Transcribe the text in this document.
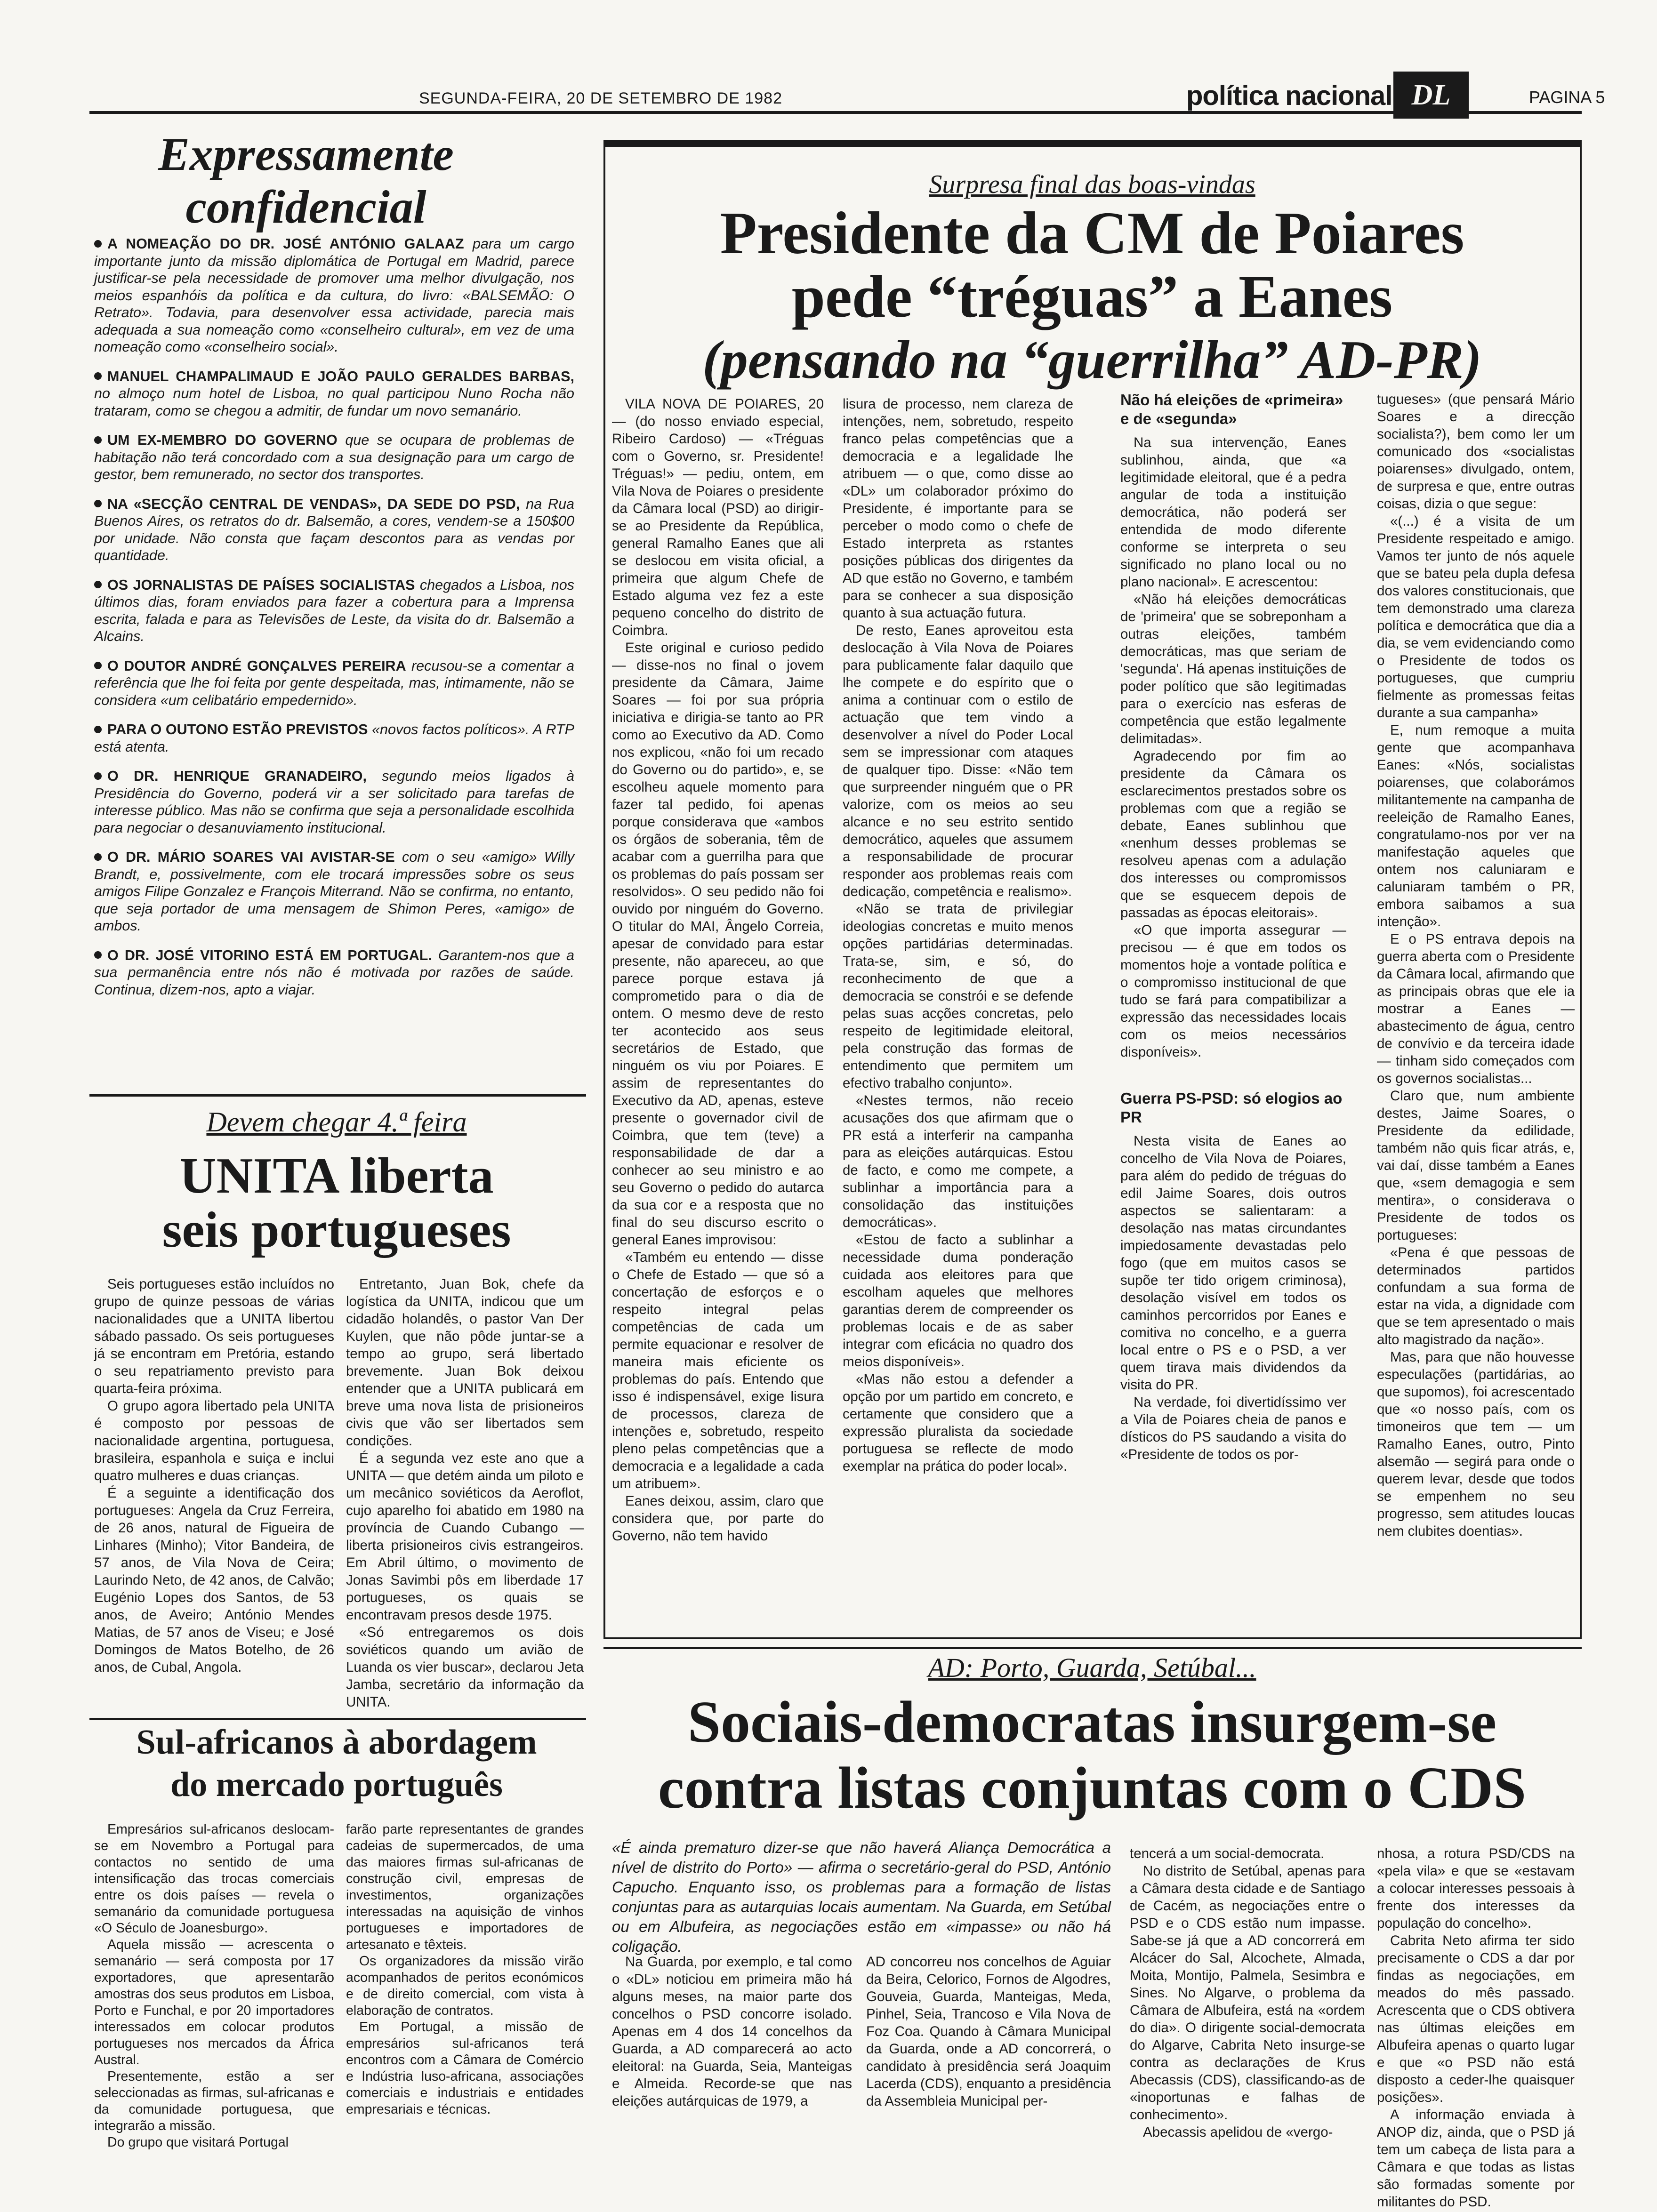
SEGUNDA-FEIRA, 20 DE SETEMBRO DE 1982	política nacional DL	PAGINA 5
Expressamente confidencial

A NOMEAÇÃO DO DR. JOSÉ ANTÓNIO GALAAZ para um cargo importante junto da missão diplomática de Portugal em Madrid, parece justificar-se pela necessidade de promover uma melhor divulgação, nos meios espanhóis da política e da cultura, do livro: «BALSEMÃO: O Retrato». Todavia, para desenvolver essa actividade, parecia mais adequada a sua nomeação como «conselheiro cultural», em vez de uma nomeação como «conselheiro social».

MANUEL CHAMPALIMAUD E JOÃO PAULO GERALDES BARBAS, no almoço num hotel de Lisboa, no qual participou Nuno Rocha não trataram, como se chegou a admitir, de fundar um novo semanário.

UM EX-MEMBRO DO GOVERNO que se ocupara de problemas de habitação não terá concordado com a sua designação para um cargo de gestor, bem remunerado, no sector dos transportes.

NA «SECÇÃO CENTRAL DE VENDAS», DA SEDE DO PSD, na Rua Buenos Aires, os retratos do dr. Balsemão, a cores, vendem-se a 150$00 por unidade. Não consta que façam descontos para as vendas por quantidade.

OS JORNALISTAS DE PAÍSES SOCIALISTAS chegados a Lisboa, nos últimos dias, foram enviados para fazer a cobertura para a Imprensa escrita, falada e para as Televisões de Leste, da visita do dr. Balsemão a Alcains.

O DOUTOR ANDRÉ GONÇALVES PEREIRA recusou-se a comentar a referência que lhe foi feita por gente despeitada, mas, intimamente, não se considera «um celibatário empedernido».

PARA O OUTONO ESTÃO PREVISTOS «novos factos políticos». A RTP está atenta.

O DR. HENRIQUE GRANADEIRO, segundo meios ligados à Presidência do Governo, poderá vir a ser solicitado para tarefas de interesse público. Mas não se confirma que seja a personalidade escolhida para negociar o desanuviamento institucional.

O DR. MÁRIO SOARES VAI AVISTAR-SE com o seu «amigo» Willy Brandt, e, possivelmente, com ele trocará impressões sobre os seus amigos Filipe Gonzalez e François Miterrand. Não se confirma, no entanto, que seja portador de uma mensagem de Shimon Peres, «amigo» de ambos.

O DR. JOSÉ VITORINO ESTÁ EM PORTUGAL. Garantem-nos que a sua permanência entre nós não é motivada por razões de saúde. Continua, dizem-nos, apto a viajar.

Devem chegar 4.ª feira
UNITA liberta
seis portugueses

Seis portugueses estão incluídos no grupo de quinze pessoas de várias nacionalidades que a UNITA libertou sábado passado. Os seis portugueses já se encontram em Pretória, estando o seu repatriamento previsto para quarta-feira próxima.

O grupo agora libertado pela UNITA é composto por pessoas de nacionalidade argentina, portuguesa, brasileira, espanhola e suiça e inclui quatro mulheres e duas crianças.

É a seguinte a identificação dos portugueses: Angela da Cruz Ferreira, de 26 anos, natural de Figueira de Linhares (Minho); Vitor Bandeira, de 57 anos, de Vila Nova de Ceira; Laurindo Neto, de 42 anos, de Calvão; Eugénio Lopes dos Santos, de 53 anos, de Aveiro; António Mendes Matias, de 57 anos de Viseu; e José Domingos de Matos Botelho, de 26 anos, de Cubal, Angola.

Entretanto, Juan Bok, chefe da logística da UNITA, indicou que um cidadão holandês, o pastor Van Der Kuylen, que não pôde juntar-se a tempo ao grupo, será libertado brevemente. Juan Bok deixou entender que a UNITA publicará em breve uma nova lista de prisioneiros civis que vão ser libertados sem condições.

É a segunda vez este ano que a UNITA — que detém ainda um piloto e um mecânico soviéticos da Aeroflot, cujo aparelho foi abatido em 1980 na província de Cuando Cubango — liberta prisioneiros civis estrangeiros. Em Abril último, o movimento de Jonas Savimbi pôs em liberdade 17 portugueses, os quais se encontravam presos desde 1975.

«Só entregaremos os dois soviéticos quando um avião de Luanda os vier buscar», declarou Jeta Jamba, secretário da informação da UNITA.

Sul-africanos à abordagem
do mercado português

Empresários sul-africanos deslocam-se em Novembro a Portugal para contactos no sentido de uma intensificação das trocas comerciais entre os dois países — revela o semanário da comunidade portuguesa «O Século de Joanesburgo».

Aquela missão — acrescenta o semanário — será composta por 17 exportadores, que apresentarão amostras dos seus produtos em Lisboa, Porto e Funchal, e por 20 importadores interessados em colocar produtos portugueses nos mercados da África Austral.

Presentemente, estão a ser seleccionadas as firmas, sul-africanas e da comunidade portuguesa, que integrarão a missão.

Do grupo que visitará Portugal

farão parte representantes de grandes cadeias de supermercados, de uma das maiores firmas sul-africanas de construção civil, empresas de investimentos, organizações interessadas na aquisição de vinhos portugueses e importadores de artesanato e têxteis.

Os organizadores da missão virão acompanhados de peritos económicos e de direito comercial, com vista à elaboração de contratos.

Em Portugal, a missão de empresários sul-africanos terá encontros com a Câmara de Comércio e Indústria luso-africana, associações comerciais e industriais e entidades empresariais e técnicas.

Surpresa final das boas-vindas
Presidente da CM de Poiares
pede “tréguas” a Eanes
(pensando na “guerrilha” AD-PR)

VILA NOVA DE POIARES, 20 — (do nosso enviado especial, Ribeiro Cardoso) — «Tréguas com o Governo, sr. Presidente! Tréguas!» — pediu, ontem, em Vila Nova de Poiares o presidente da Câmara local (PSD) ao dirigir-se ao Presidente da República, general Ramalho Eanes que ali se deslocou em visita oficial, a primeira que algum Chefe de Estado alguma vez fez a este pequeno concelho do distrito de Coimbra.

Este original e curioso pedido — disse-nos no final o jovem presidente da Câmara, Jaime Soares — foi por sua própria iniciativa e dirigia-se tanto ao PR como ao Executivo da AD. Como nos explicou, «não foi um recado do Governo ou do partido», e, se escolheu aquele momento para fazer tal pedido, foi apenas porque considerava que «ambos os órgãos de soberania, têm de acabar com a guerrilha para que os problemas do país possam ser resolvidos». O seu pedido não foi ouvido por ninguém do Governo. O titular do MAI, Ângelo Correia, apesar de convidado para estar presente, não apareceu, ao que parece porque estava já comprometido para o dia de ontem. O mesmo deve de resto ter acontecido aos seus secretários de Estado, que ninguém os viu por Poiares. E assim de representantes do Executivo da AD, apenas, esteve presente o governador civil de Coimbra, que tem (teve) a responsabilidade de dar a conhecer ao seu ministro e ao seu Governo o pedido do autarca da sua cor e a resposta que no final do seu discurso escrito o general Eanes improvisou:

«Também eu entendo — disse o Chefe de Estado — que só a concertação de esforços e o respeito integral pelas competências de cada um permite equacionar e resolver de maneira mais eficiente os problemas do país. Entendo que isso é indispensável, exige lisura de processos, clareza de intenções e, sobretudo, respeito pleno pelas competências que a democracia e a legalidade a cada um atribuem».

Eanes deixou, assim, claro que considera que, por parte do Governo, não tem havido

lisura de processo, nem clareza de intenções, nem, sobretudo, respeito franco pelas competências que a democracia e a legalidade lhe atribuem — o que, como disse ao «DL» um colaborador próximo do Presidente, é importante para se perceber o modo como o chefe de Estado interpreta as rstantes posições públicas dos dirigentes da AD que estão no Governo, e também para se conhecer a sua disposição quanto à sua actuação futura.

De resto, Eanes aproveitou esta deslocação à Vila Nova de Poiares para publicamente falar daquilo que lhe compete e do espírito que o anima a continuar com o estilo de actuação que tem vindo a desenvolver a nível do Poder Local sem se impressionar com ataques de qualquer tipo. Disse: «Não tem que surpreender ninguém que o PR valorize, com os meios ao seu alcance e no seu estrito sentido democrático, aqueles que assumem a responsabilidade de procurar responder aos problemas reais com dedicação, competência e realismo».

«Não se trata de privilegiar ideologias concretas e muito menos opções partidárias determinadas. Trata-se, sim, e só, do reconhecimento de que a democracia se constrói e se defende pelas suas acções concretas, pelo respeito de legitimidade eleitoral, pela construção das formas de entendimento que permitem um efectivo trabalho conjunto».

«Nestes termos, não receio acusações dos que afirmam que o PR está a interferir na campanha para as eleições autárquicas. Estou de facto, e como me compete, a sublinhar a importância para a consolidação das instituições democráticas».

«Estou de facto a sublinhar a necessidade duma ponderação cuidada aos eleitores para que escolham aqueles que melhores garantias derem de compreender os problemas locais e de as saber integrar com eficácia no quadro dos meios disponíveis».

«Mas não estou a defender a opção por um partido em concreto, e certamente que considero que a expressão pluralista da sociedade portuguesa se reflecte de modo exemplar na prática do poder local».

Não há eleições de «primeira» e de «segunda»

Na sua intervenção, Eanes sublinhou, ainda, que «a legitimidade eleitoral, que é a pedra angular de toda a instituição democrática, não poderá ser entendida de modo diferente conforme se interpreta o seu significado no plano local ou no plano nacional». E acrescentou:

«Não há eleições democráticas de 'primeira' que se sobreponham a outras eleições, também democráticas, mas que seriam de 'segunda'. Há apenas instituições de poder político que são legitimadas para o exercício nas esferas de competência que estão legalmente delimitadas».

Agradecendo por fim ao presidente da Câmara os esclarecimentos prestados sobre os problemas com que a região se debate, Eanes sublinhou que «nenhum desses problemas se resolveu apenas com a adulação dos interesses ou compromissos que se esquecem depois de passadas as épocas eleitorais».

«O que importa assegurar — precisou — é que em todos os momentos hoje a vontade política e o compromisso institucional de que tudo se fará para compatibilizar a expressão das necessidades locais com os meios necessários disponíveis».

Guerra PS-PSD: só elogios ao PR

Nesta visita de Eanes ao concelho de Vila Nova de Poiares, para além do pedido de tréguas do edil Jaime Soares, dois outros aspectos se salientaram: a desolação nas matas circundantes impiedosamente devastadas pelo fogo (que em muitos casos se supõe ter tido origem criminosa), desolação visível em todos os caminhos percorridos por Eanes e comitiva no concelho, e a guerra local entre o PS e o PSD, a ver quem tirava mais dividendos da visita do PR.

Na verdade, foi divertidíssimo ver a Vila de Poiares cheia de panos e dísticos do PS saudando a visita do «Presidente de todos os por-

tugueses» (que pensará Mário Soares e a direcção socialista?), bem como ler um comunicado dos «socialistas poiarenses» divulgado, ontem, de surpresa e que, entre outras coisas, dizia o que segue:

«(...) é a visita de um Presidente respeitado e amigo. Vamos ter junto de nós aquele que se bateu pela dupla defesa dos valores constitucionais, que tem demonstrado uma clareza política e democrática que dia a dia, se vem evidenciando como o Presidente de todos os portugueses, que cumpriu fielmente as promessas feitas durante a sua campanha»

E, num remoque a muita gente que acompanhava Eanes: «Nós, socialistas poiarenses, que colaborámos militantemente na campanha de reeleição de Ramalho Eanes, congratulamo-nos por ver na manifestação aqueles que ontem nos caluniaram e caluniaram também o PR, embora saibamos a sua intenção».

E o PS entrava depois na guerra aberta com o Presidente da Câmara local, afirmando que as principais obras que ele ia mostrar a Eanes — abastecimento de água, centro de convívio e da terceira idade — tinham sido começados com os governos socialistas...

Claro que, num ambiente destes, Jaime Soares, o Presidente da edilidade, também não quis ficar atrás, e, vai daí, disse também a Eanes que, «sem demagogia e sem mentira», o considerava o Presidente de todos os portugueses:

«Pena é que pessoas de determinados partidos confundam a sua forma de estar na vida, a dignidade com que se tem apresentado o mais alto magistrado da nação».

Mas, para que não houvesse especulações (partidárias, ao que supomos), foi acrescentado que «o nosso país, com os timoneiros que tem — um Ramalho Eanes, outro, Pinto alsemão — segirá para onde o querem levar, desde que todos se empenhem no seu progresso, sem atitudes loucas nem clubites doentias».

AD: Porto, Guarda, Setúbal...
Sociais-democratas insurgem-se
contra listas conjuntas com o CDS
«É ainda prematuro dizer-se que não haverá Aliança Democrática a nível de distrito do Porto» — afirma o secretário-geral do PSD, António Capucho. Enquanto isso, os problemas para a formação de listas conjuntas para as autarquias locais aumentam. Na Guarda, em Setúbal ou em Albufeira, as negociações estão em «impasse» ou não há coligação.

Na Guarda, por exemplo, e tal como o «DL» noticiou em primeira mão há alguns meses, na maior parte dos concelhos o PSD concorre isolado. Apenas em 4 dos 14 concelhos da Guarda, a AD comparecerá ao acto eleitoral: na Guarda, Seia, Manteigas e Almeida. Recorde-se que nas eleições autárquicas de 1979, a

AD concorreu nos concelhos de Aguiar da Beira, Celorico, Fornos de Algodres, Gouveia, Guarda, Manteigas, Meda, Pinhel, Seia, Trancoso e Vila Nova de Foz Coa. Quando à Câmara Municipal da Guarda, onde a AD concorrerá, o candidato à presidência será Joaquim Lacerda (CDS), enquanto a presidência da Assembleia Municipal per-

tencerá a um social-democrata.

No distrito de Setúbal, apenas para a Câmara desta cidade e de Santiago de Cacém, as negociações entre o PSD e o CDS estão num impasse. Sabe-se já que a AD concorrerá em Alcácer do Sal, Alcochete, Almada, Moita, Montijo, Palmela, Sesimbra e Sines. No Algarve, o problema da Câmara de Albufeira, está na «ordem do dia». O dirigente social-democrata do Algarve, Cabrita Neto insurge-se contra as declarações de Krus Abecassis (CDS), classificando-as de «inoportunas e falhas de conhecimento».

Abecassis apelidou de «vergo-

nhosa, a rotura PSD/CDS na «pela vila» e que se «estavam a colocar interesses pessoais à frente dos interesses da população do concelho».

Cabrita Neto afirma ter sido precisamente o CDS a dar por findas as negociações, em meados do mês passado. Acrescenta que o CDS obtivera nas últimas eleições em Albufeira apenas o quarto lugar e que «o PSD não está disposto a ceder-lhe quaisquer posições».

A informação enviada à ANOP diz, ainda, que o PSD já tem um cabeça de lista para a Câmara e que todas as listas são formadas somente por militantes do PSD.
